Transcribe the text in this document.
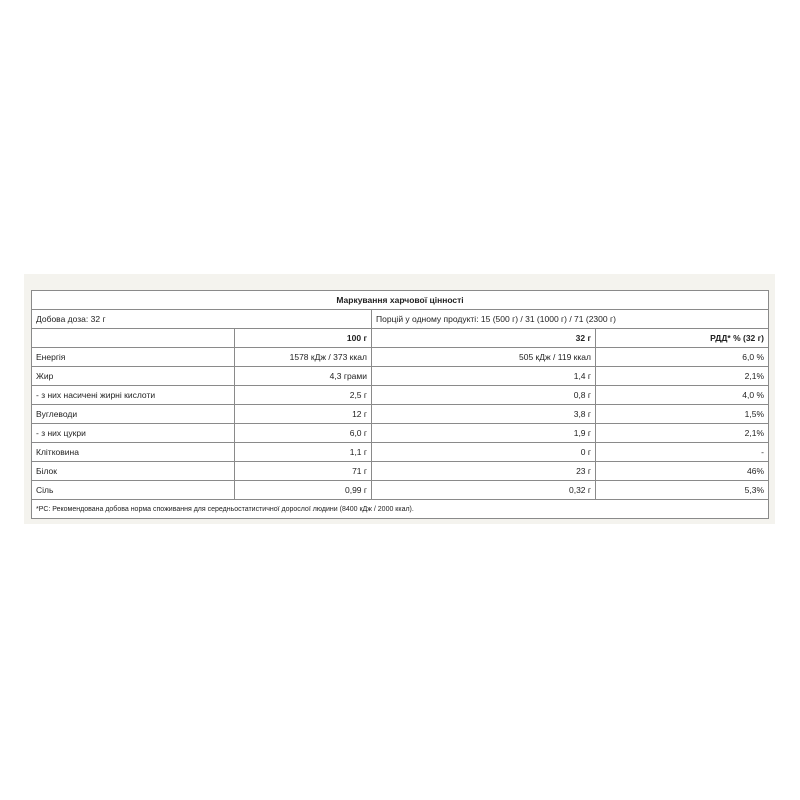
Маркування харчової цінності			
Добова доза: 32 г		Порцій у одному продукті: 15 (500 г) / 31 (1000 г) / 71 (2300 г)	
	100 г	32 г	РДД* % (32 г)
Енергія	1578 кДж / 373 ккал	505 кДж / 119 ккал	6,0 %
Жир	4,3 грами	1,4 г	2,1%
- з них насичені жирні кислоти	2,5 г	0,8 г	4,0 %
Вуглеводи	12 г	3,8 г	1,5%
- з них цукри	6,0 г	1,9 г	2,1%
Клітковина	1,1 г	0 г	-
Білок	71 г	23 г	46%
Сіль	0,99 г	0,32 г	5,3%
*РС: Рекомендована добова норма споживання для середньостатистичної дорослої людини (8400 кДж / 2000 ккал).			
